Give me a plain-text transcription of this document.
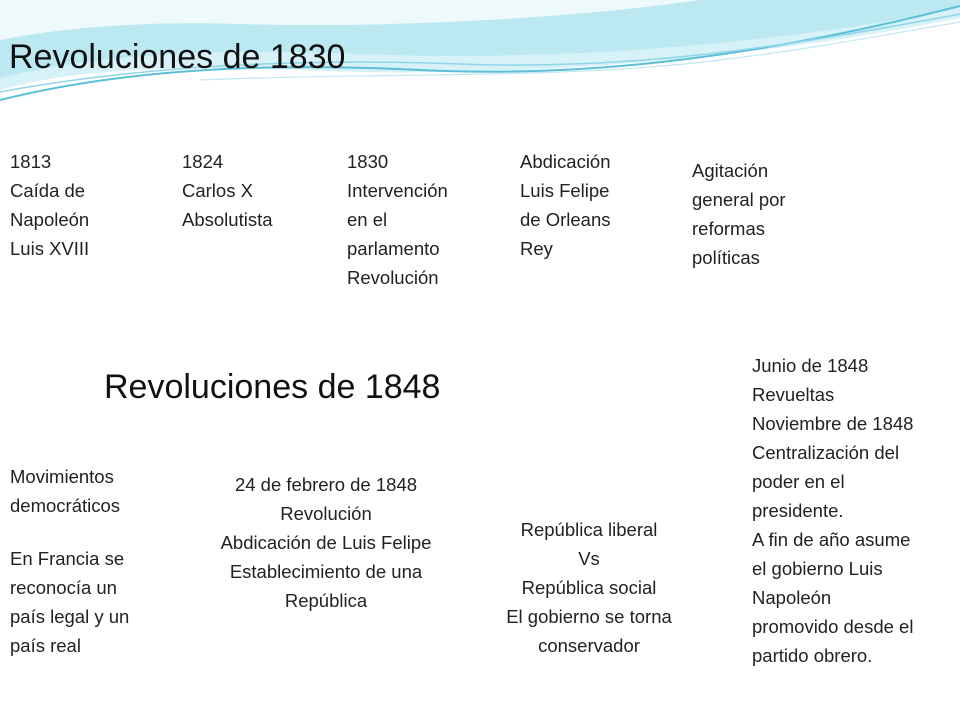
Revoluciones de 1830
1813
Caída de
Napoleón
Luis XVIII
1824
Carlos X
Absolutista
1830
Intervención
en el
parlamento
Revolución
Abdicación
Luis Felipe
de Orleans
Rey
Agitación
general por
reformas
políticas
Revoluciones de 1848
Movimientos
democráticos
En Francia se
reconocía un
país legal y un
país real
24 de febrero de 1848
Revolución
Abdicación de Luis Felipe
Establecimiento de una
República
República liberal
Vs
República social
El gobierno se torna
conservador
Junio de 1848
Revueltas
Noviembre de 1848
Centralización del
poder en el
presidente.
A fin de año asume
el gobierno Luis
Napoleón
promovido desde el
partido obrero.
